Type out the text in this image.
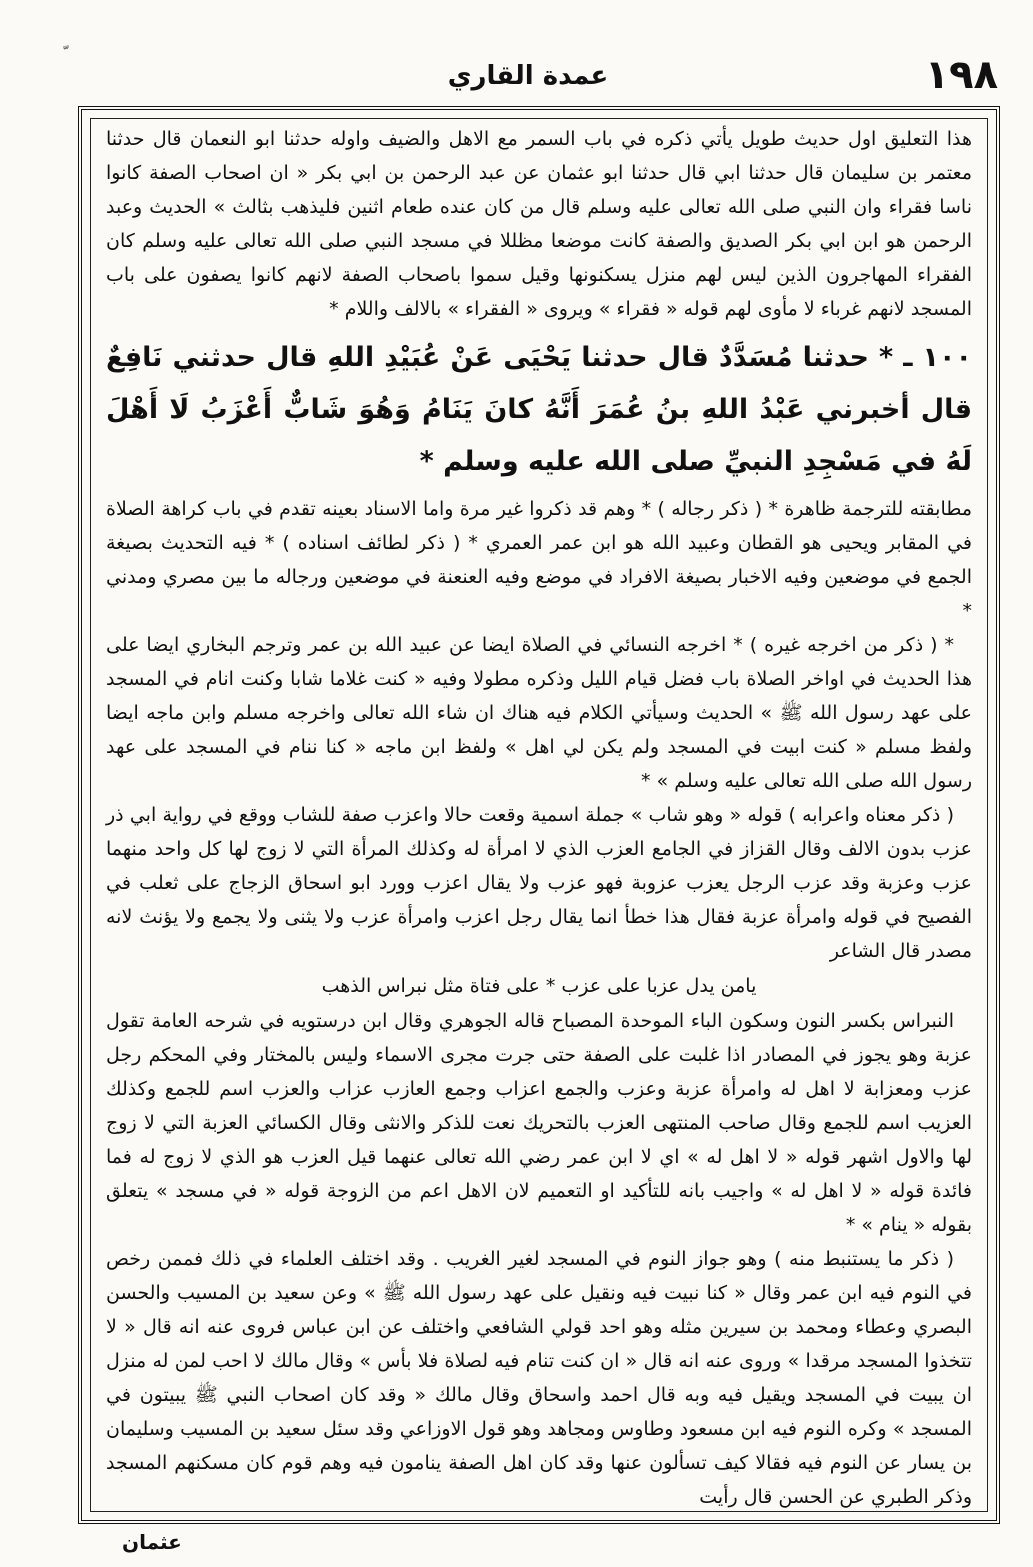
١٩٨
عمدة القاري

هذا التعليق اول حديث طويل يأتي ذكره في باب السمر مع الاهل والضيف واوله حدثنا ابو النعمان قال حدثنا معتمر بن سليمان قال حدثنا ابي قال حدثنا ابو عثمان عن عبد الرحمن بن ابي بكر « ان اصحاب الصفة كانوا ناسا فقراء وان النبي صلى الله تعالى عليه وسلم قال من كان عنده طعام اثنين فليذهب بثالث » الحديث وعبد الرحمن هو ابن ابي بكر الصديق والصفة كانت موضعا مظللا في مسجد النبي صلى الله تعالى عليه وسلم كان الفقراء المهاجرون الذين ليس لهم منزل يسكنونها وقيل سموا باصحاب الصفة لانهم كانوا يصفون على باب المسجد لانهم غرباء لا مأوى لهم قوله « فقراء » ويروى « الفقراء » بالالف واللام *

١٠٠ ـ * حدثنا مُسَدَّدٌ قال حدثنا يَحْيَى عَنْ عُبَيْدِ اللهِ قال حدثني نَافِعٌ قال أخبرني عَبْدُ اللهِ بنُ عُمَرَ أَنَّهُ كانَ يَنَامُ وَهُوَ شَابٌّ أَعْزَبُ لَا أَهْلَ لَهُ في مَسْجِدِ النبيِّ صلى الله عليه وسلم *

مطابقته للترجمة ظاهرة * ( ذكر رجاله ) * وهم قد ذكروا غير مرة واما الاسناد بعينه تقدم في باب كراهة الصلاة في المقابر ويحيى هو القطان وعبيد الله هو ابن عمر العمري * ( ذكر لطائف اسناده ) * فيه التحديث بصيغة الجمع في موضعين وفيه الاخبار بصيغة الافراد في موضع وفيه العنعنة في موضعين ورجاله ما بين مصري ومدني *

* ( ذكر من اخرجه غيره ) * اخرجه النسائي في الصلاة ايضا عن عبيد الله بن عمر وترجم البخاري ايضا على هذا الحديث في اواخر الصلاة باب فضل قيام الليل وذكره مطولا وفيه « كنت غلاما شابا وكنت انام في المسجد على عهد رسول الله ﷺ » الحديث وسيأتي الكلام فيه هناك ان شاء الله تعالى واخرجه مسلم وابن ماجه ايضا ولفظ مسلم « كنت ابيت في المسجد ولم يكن لي اهل » ولفظ ابن ماجه « كنا ننام في المسجد على عهد رسول الله صلى الله تعالى عليه وسلم » *

( ذكر معناه واعرابه ) قوله « وهو شاب » جملة اسمية وقعت حالا واعزب صفة للشاب ووقع في رواية ابي ذر عزب بدون الالف وقال القزاز في الجامع العزب الذي لا امرأة له وكذلك المرأة التي لا زوج لها كل واحد منهما عزب وعزبة وقد عزب الرجل يعزب عزوبة فهو عزب ولا يقال اعزب وورد ابو اسحاق الزجاج على ثعلب في الفصيح في قوله وامرأة عزبة فقال هذا خطأ انما يقال رجل اعزب وامرأة عزب ولا يثنى ولا يجمع ولا يؤنث لانه مصدر قال الشاعر

يامن يدل عزبا على عزب * على فتاة مثل نبراس الذهب

النبراس بكسر النون وسكون الباء الموحدة المصباح قاله الجوهري وقال ابن درستويه في شرحه العامة تقول عزبة وهو يجوز في المصادر اذا غلبت على الصفة حتى جرت مجرى الاسماء وليس بالمختار وفي المحكم رجل عزب ومعزابة لا اهل له وامرأة عزبة وعزب والجمع اعزاب وجمع العازب عزاب والعزب اسم للجمع وكذلك العزيب اسم للجمع وقال صاحب المنتهى العزب بالتحريك نعت للذكر والانثى وقال الكسائي العزبة التي لا زوج لها والاول اشهر قوله « لا اهل له » اي لا ابن عمر رضي الله تعالى عنهما قيل العزب هو الذي لا زوج له فما فائدة قوله « لا اهل له » واجيب بانه للتأكيد او التعميم لان الاهل اعم من الزوجة قوله « في مسجد » يتعلق بقوله « ينام » *

( ذكر ما يستنبط منه ) وهو جواز النوم في المسجد لغير الغريب . وقد اختلف العلماء في ذلك فممن رخص في النوم فيه ابن عمر وقال « كنا نبيت فيه ونقيل على عهد رسول الله ﷺ » وعن سعيد بن المسيب والحسن البصري وعطاء ومحمد بن سيرين مثله وهو احد قولي الشافعي واختلف عن ابن عباس فروى عنه انه قال « لا تتخذوا المسجد مرقدا » وروى عنه انه قال « ان كنت تنام فيه لصلاة فلا بأس » وقال مالك لا احب لمن له منزل ان يبيت في المسجد ويقيل فيه وبه قال احمد واسحاق وقال مالك « وقد كان اصحاب النبي ﷺ يبيتون في المسجد » وكره النوم فيه ابن مسعود وطاوس ومجاهد وهو قول الاوزاعي وقد سئل سعيد بن المسيب وسليمان بن يسار عن النوم فيه فقالا كيف تسألون عنها وقد كان اهل الصفة ينامون فيه وهم قوم كان مسكنهم المسجد وذكر الطبري عن الحسن قال رأيت

عثمان
